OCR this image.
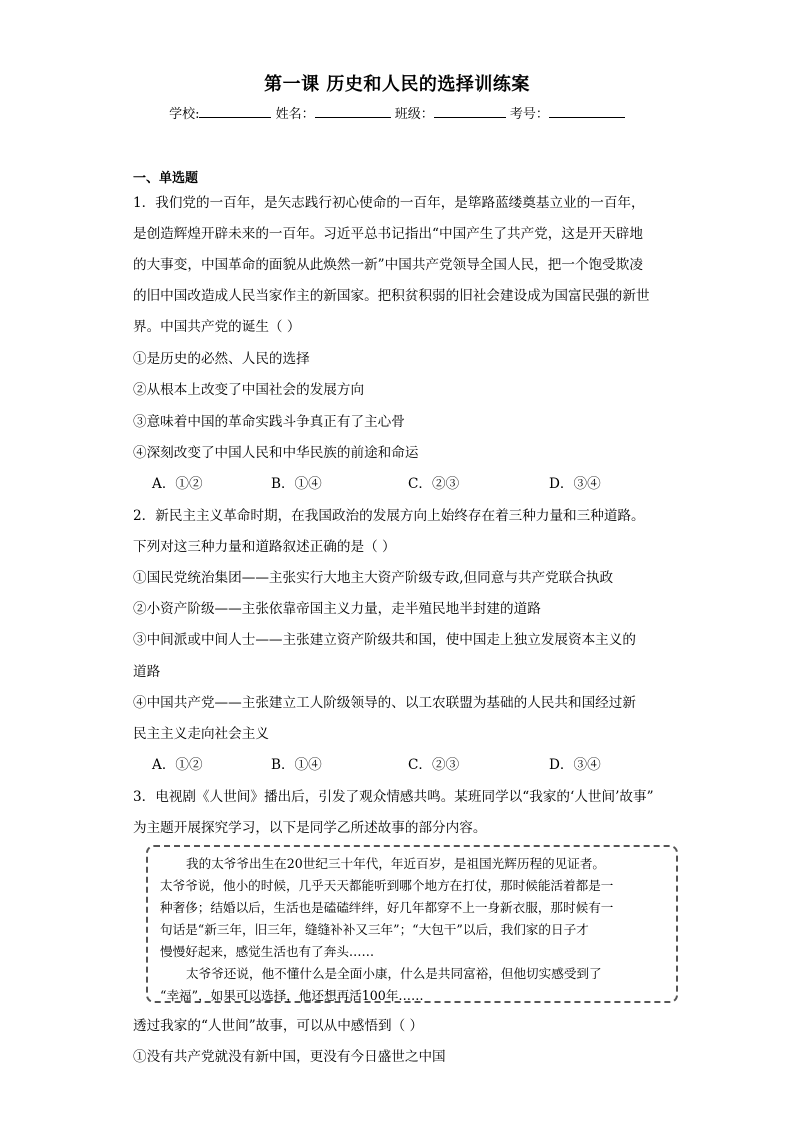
第一课 历史和人民的选择训练案
学校:	姓名：	班级：	考号：
一、单选题
1．我们党的一百年，是矢志践行初心使命的一百年，是筚路蓝缕奠基立业的一百年，
是创造辉煌开辟未来的一百年。习近平总书记指出“中国产生了共产党，这是开天辟地
的大事变，中国革命的面貌从此焕然一新”中国共产党领导全国人民，把一个饱受欺凌
的旧中国改造成人民当家作主的新国家。把积贫积弱的旧社会建设成为国富民强的新世
界。中国共产党的诞生（ ）
①是历史的必然、人民的选择
②从根本上改变了中国社会的发展方向
③意味着中国的革命实践斗争真正有了主心骨
④深刻改变了中国人民和中华民族的前途和命运
A．①②	B．①④	C．②③	D．③④
2．新民主主义革命时期，在我国政治的发展方向上始终存在着三种力量和三种道路。
下列对这三种力量和道路叙述正确的是（ ）
①国民党统治集团——主张实行大地主大资产阶级专政,但同意与共产党联合执政
②小资产阶级——主张依靠帝国主义力量，走半殖民地半封建的道路
③中间派或中间人士——主张建立资产阶级共和国，使中国走上独立发展资本主义的
道路
④中国共产党——主张建立工人阶级领导的、以工农联盟为基础的人民共和国经过新
民主主义走向社会主义
A．①②	B．①④	C．②③	D．③④
3．电视剧《人世间》播出后，引发了观众情感共鸣。某班同学以“我家的‘人世间’故事”
为主题开展探究学习，以下是同学乙所述故事的部分内容。

我的太爷爷出生在20世纪三十年代，年近百岁，是祖国光辉历程的见证者。

太爷爷说，他小的时候，几乎天天都能听到哪个地方在打仗，那时候能活着都是一

种奢侈；结婚以后，生活也是磕磕绊绊，好几年都穿不上一身新衣服，那时候有一

句话是“新三年，旧三年，缝缝补补又三年”；“大包干”以后，我们家的日子才

慢慢好起来，感觉生活也有了奔头……

太爷爷还说，他不懂什么是全面小康，什么是共同富裕，但他切实感受到了

“幸福”，如果可以选择，他还想再活100年……

透过我家的“人世间”故事，可以从中感悟到（ ）
①没有共产党就没有新中国，更没有今日盛世之中国
